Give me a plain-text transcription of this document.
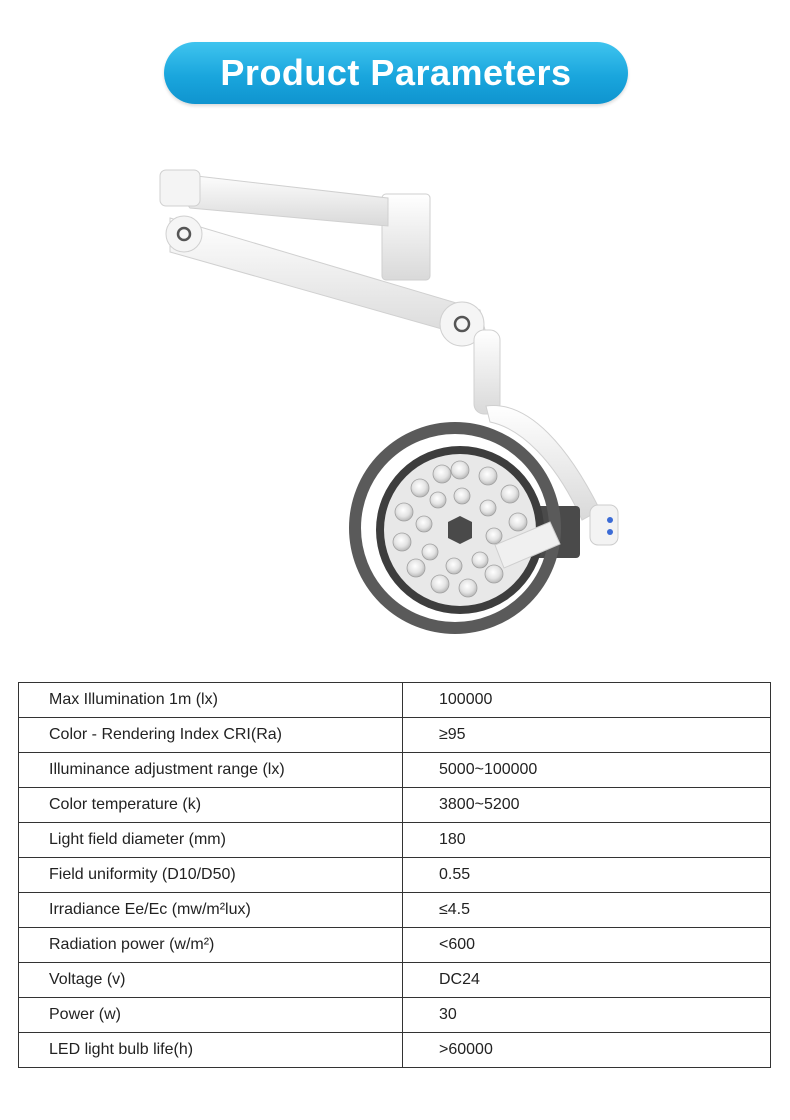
Product Parameters
Max Illumination 1m (lx)	100000
Color - Rendering Index CRI(Ra)	≥95
Illuminance adjustment range (lx)	5000~100000
Color temperature (k)	3800~5200
Light field diameter (mm)	180
Field uniformity (D10/D50)	0.55
Irradiance Ee/Ec (mw/m²lux)	≤4.5
Radiation power (w/m²)	<600
Voltage (v)	DC24
Power (w)	30
LED light bulb life(h)	>60000
